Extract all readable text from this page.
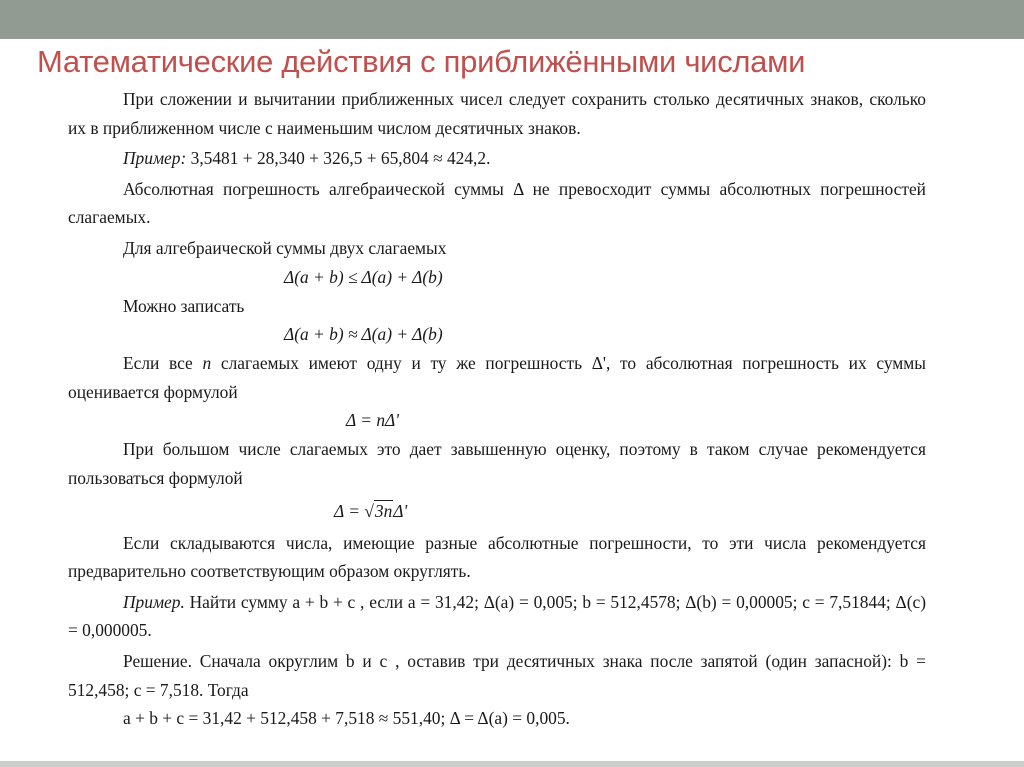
Математические действия с приближёнными числами

При сложении и вычитании приближенных чисел следует сохранить столько десятичных знаков, сколько их в приближенном числе с наименьшим числом десятичных знаков.

Пример: 3,5481 + 28,340 + 326,5 + 65,804 ≈ 424,2.

Абсолютная погрешность алгебраической суммы Δ не превосходит суммы абсолютных погрешностей слагаемых.

Для алгебраической суммы двух слагаемых

Δ(a + b) ≤ Δ(a) + Δ(b)

Можно записать

Δ(a + b) ≈ Δ(a) + Δ(b)

Если все n слагаемых имеют одну и ту же погрешность Δ', то абсолютная погрешность их суммы оценивается формулой

Δ = nΔ'

При большом числе слагаемых это дает завышенную оценку, поэтому в таком случае рекомендуется пользоваться формулой

Δ = √3nΔ'

Если складываются числа, имеющие разные абсолютные погрешности, то эти числа рекомендуется предварительно соответствующим образом округлять.

Пример. Найти сумму a + b + c , если a = 31,42; Δ(a) = 0,005; b = 512,4578; Δ(b) = 0,00005; c = 7,51844; Δ(c) = 0,000005.

Решение. Сначала округлим b и c , оставив три десятичных знака после запятой (один запасной): b = 512,458; c = 7,518. Тогда

a + b + c = 31,42 + 512,458 + 7,518 ≈ 551,40; Δ = Δ(a) = 0,005.
